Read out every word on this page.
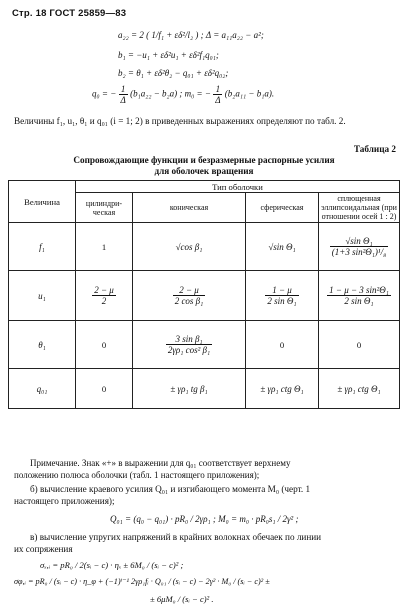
Стр. 18 ГОСТ 25859—83
a₂₂ = 2 ( 1/f₁ + εδ²/l₂ ) ; Δ = a₁₁a₂₂ − a²;
b₁ = −u₁ + εδ²u₁ + εδ²f₁q₀₁;
b₂ = θ₁ + εδ²θ₂ − q₀₁ + εδ²q₀₂;
q₀ = − $\frac{1}{\Delta} (b_1a_{22} - b_2a)$ ; m₀ = − $\frac{1}{\Delta} (b_2a_{11} - b_1a)$.
Величины f₁, u₁, θ₁ и q₀₁ (i = 1; 2) в приведенных выражениях определяют по табл. 2.
Таблица 2
Сопровождающие функции и безразмерные распорные усилия
для оболочек вращения
Величина	Тип оболочки			
	цилиндри-ческая	коническая	сферическая	сплющенная эллипсоидальная (при отношении осей 1 : 2)
f₁	1	√cos β₁	√sin Θ₁	$\frac{\text{√sin Θ₁}}{\text{(1+3 sin²Θ₁)¹/₈}}$

u₁	$\frac{2 - \mu}{2}$	$\frac{2 - \mu}{\text{2 cos β₁}}$	$\frac{1 - \mu}{\text{2 sin Θ₁}}$	$\frac{\text{1 − μ − 3 sin²Θ₁}}{\text{2 sin Θ₁}}$

θ₁	0	$\frac{\text{3 sin β₁}}{\text{2γρ₁ cos² β₁}}$	0	0
q₀₁	0	± γρ₁ tg β₁	± γρ₁ ctg Θ₁	± γρ₁ ctg Θ₁
Примечание. Знак «+» в выражении для q₀₁ соответствует верхнему
положению полюса оболочки (табл. 1 настоящего приложения);
б) вычисление краевого усилия Q₀₁ и изгибающего момента M₀ (черт. 1
настоящего приложения);
Q₀₁ = (q₀ − q₀₁) · pR₀ / 2γρ₁ ; M₀ = m₀ · pR₀s₁ / 2γ² ;
в) вычисление упругих напряжений в крайних волокнах обечаек по линии
их сопряжения
σₓ,ᵢ = pR₀ / 2(sᵢ − c) · ηₓ ± 6M₀ / (sᵢ − c)² ;
σφ,ᵢ = pR₀ / (sᵢ − c) · η_φ + (−1)ⁱ⁻¹ 2γρ₁fᵢ · Q₀₁ / (sᵢ − c) − 2γ² · M₀ / (sᵢ − c)² ±
± 6μM₀ / (sᵢ − c)² .
